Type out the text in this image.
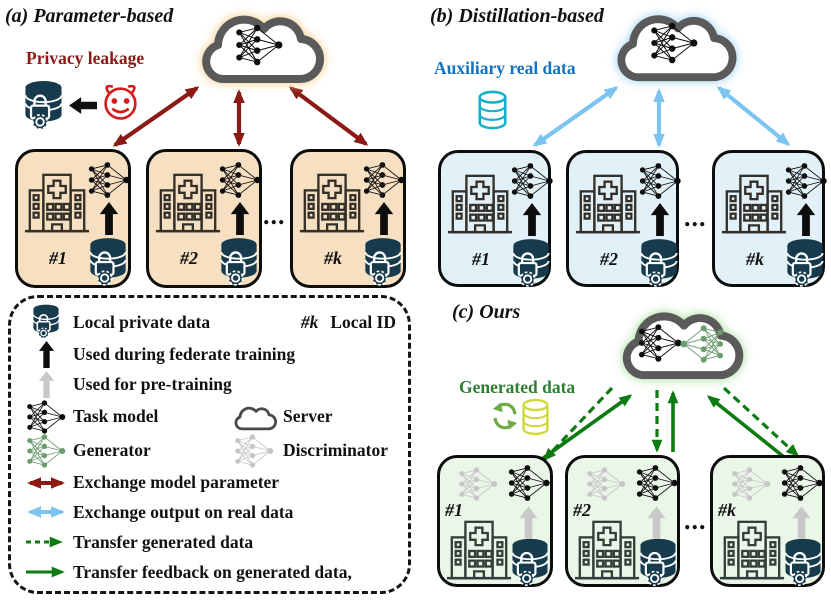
(a) Parameter-based	(b) Distillation-based
(c) Ours
Privacy leakage	Auxiliary real data
Generated data
#1	#2
...
#k	#1	#2
...
#k
#1	#2	... #k
Local private data	#k Local ID
Used during federate training
Used for pre-training
Task model	Server
Generator	Discriminator
Exchange model parameter
Exchange output on real data
Transfer generated data
Transfer feedback on generated data,
